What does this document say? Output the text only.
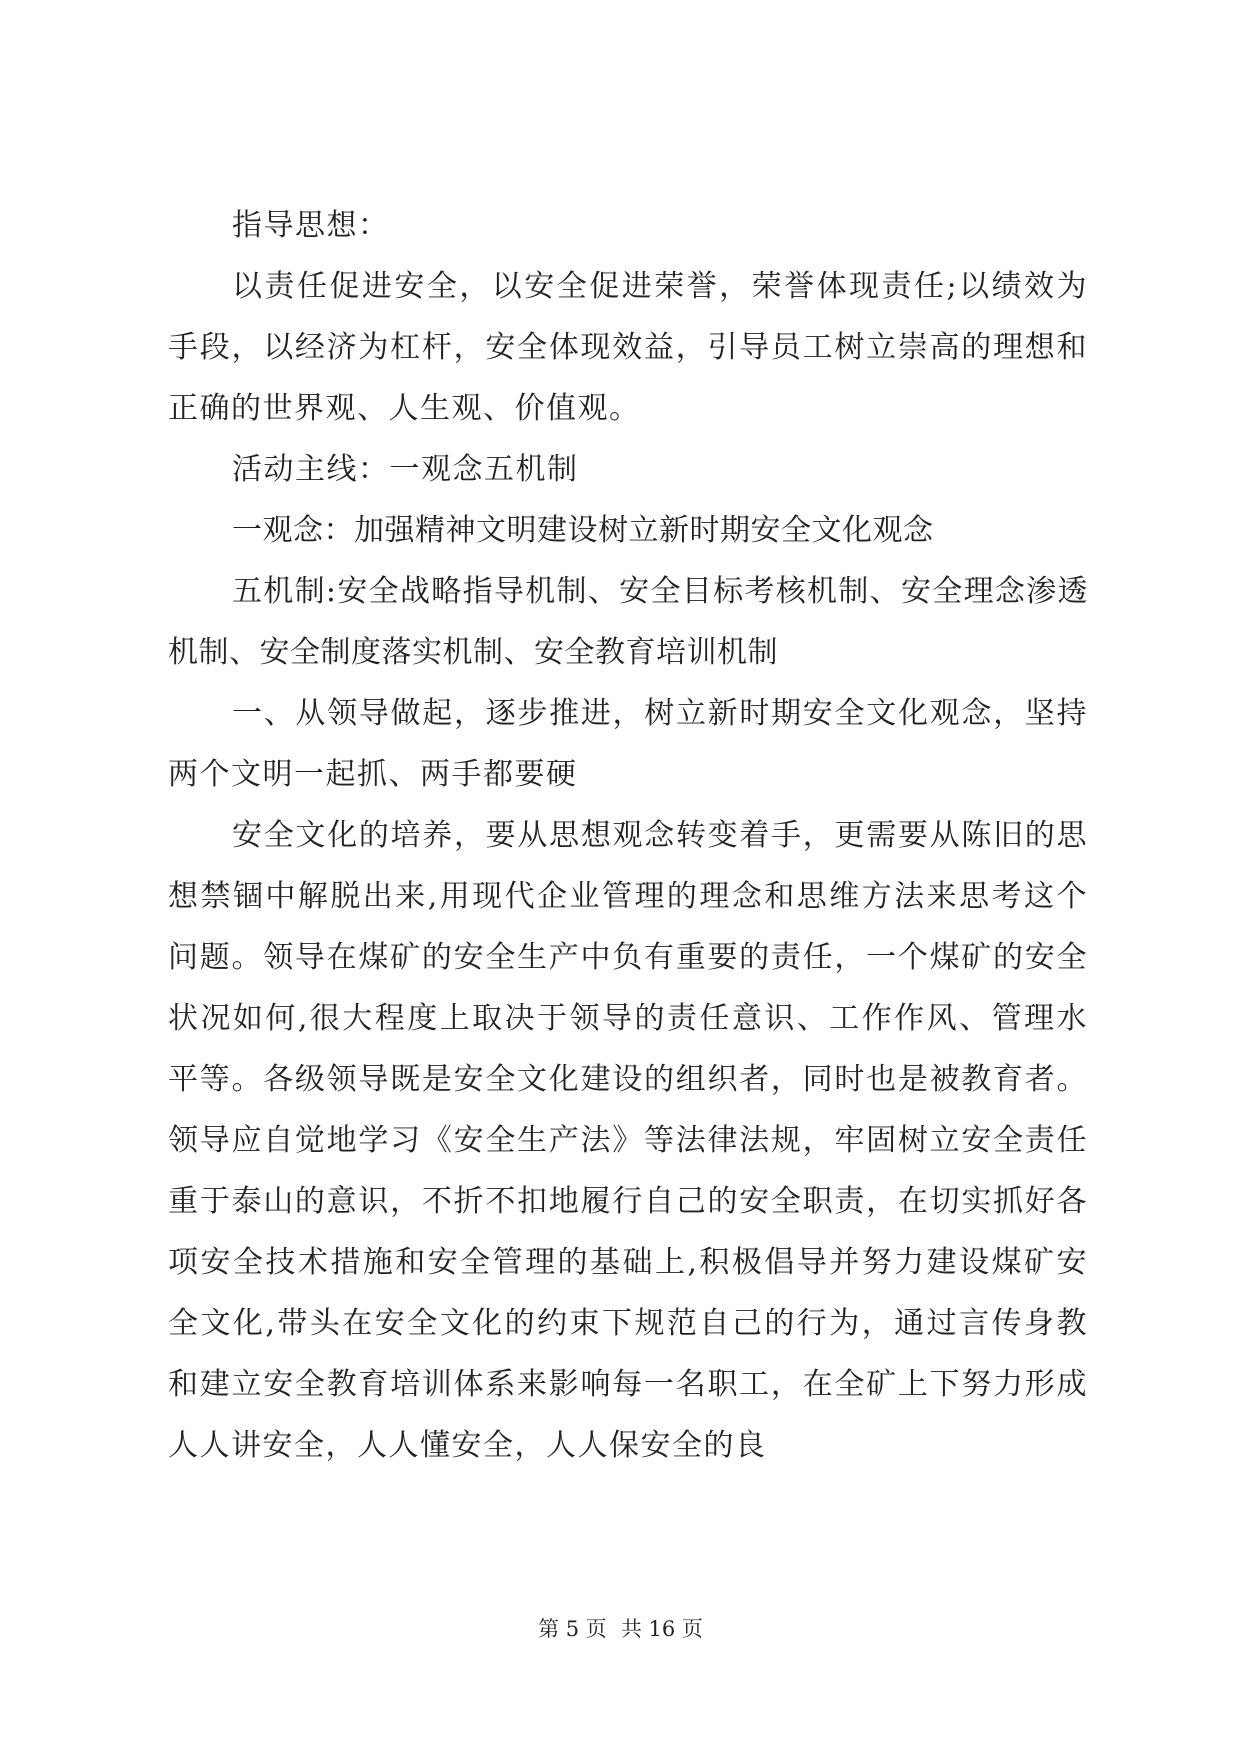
指导思想：

以责任促进安全，以安全促进荣誉，荣誉体现责任;以绩效为手段，以经济为杠杆，安全体现效益，引导员工树立崇高的理想和正确的世界观、人生观、价值观。

活动主线：一观念五机制

一观念：加强精神文明建设树立新时期安全文化观念

五机制:安全战略指导机制、安全目标考核机制、安全理念渗透机制、安全制度落实机制、安全教育培训机制

一、从领导做起，逐步推进，树立新时期安全文化观念，坚持两个文明一起抓、两手都要硬

安全文化的培养，要从思想观念转变着手，更需要从陈旧的思想禁锢中解脱出来,用现代企业管理的理念和思维方法来思考这个问题。领导在煤矿的安全生产中负有重要的责任，一个煤矿的安全状况如何,很大程度上取决于领导的责任意识、工作作风、管理水平等。各级领导既是安全文化建设的组织者，同时也是被教育者。领导应自觉地学习《安全生产法》等法律法规，牢固树立安全责任重于泰山的意识，不折不扣地履行自己的安全职责，在切实抓好各项安全技术措施和安全管理的基础上,积极倡导并努力建设煤矿安全文化,带头在安全文化的约束下规范自己的行为，通过言传身教和建立安全教育培训体系来影响每一名职工，在全矿上下努力形成人人讲安全，人人懂安全，人人保安全的良

第 5 页 共 16 页
